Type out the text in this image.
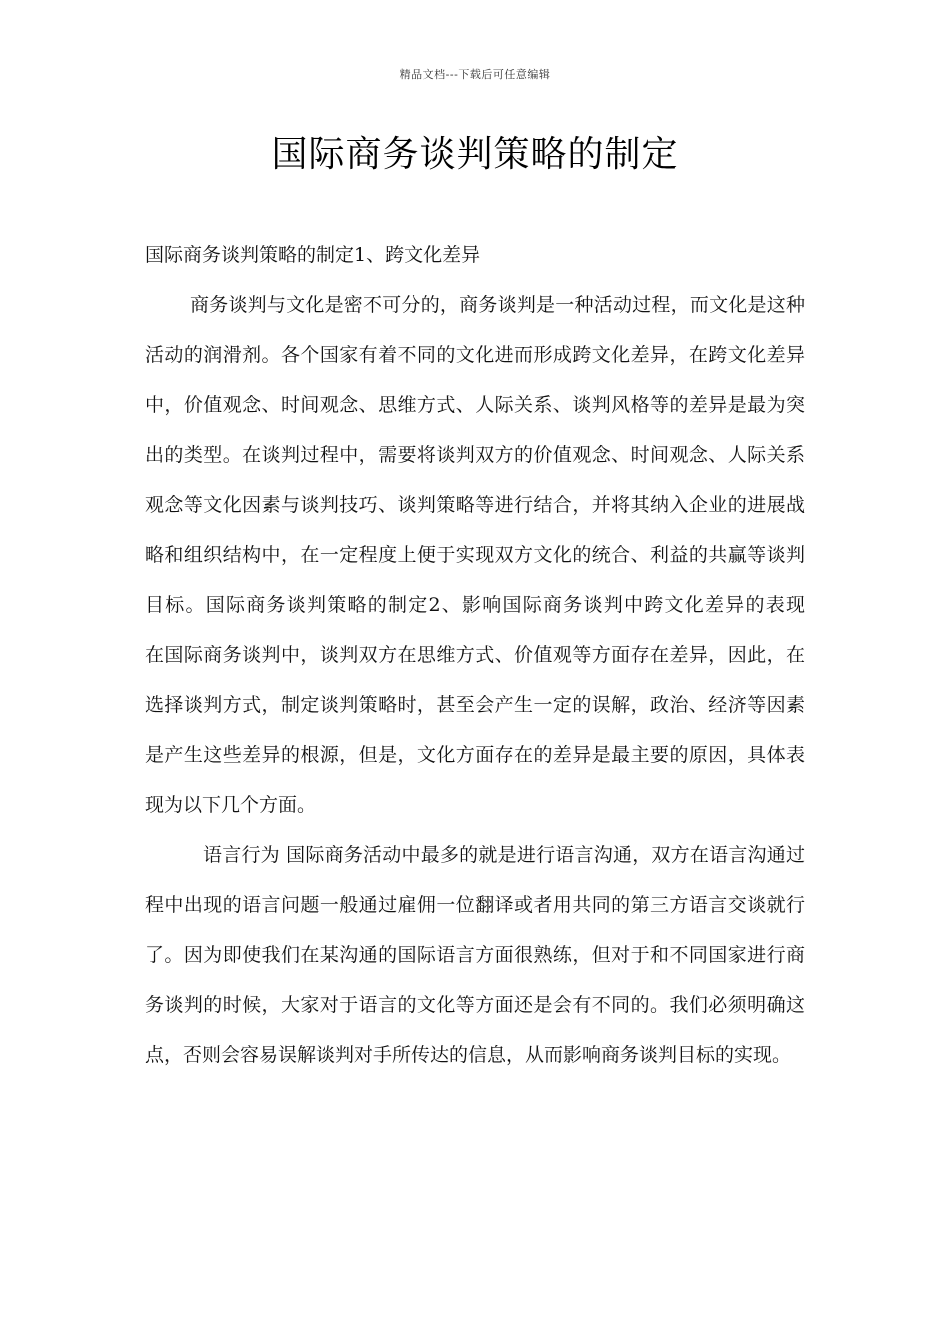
精品文档---下载后可任意编辑
国际商务谈判策略的制定

国际商务谈判策略的制定1、跨文化差异

商务谈判与文化是密不可分的，商务谈判是一种活动过程，而文化是这种活动的润滑剂。各个国家有着不同的文化进而形成跨文化差异，在跨文化差异中，价值观念、时间观念、思维方式、人际关系、谈判风格等的差异是最为突出的类型。在谈判过程中，需要将谈判双方的价值观念、时间观念、人际关系观念等文化因素与谈判技巧、谈判策略等进行结合，并将其纳入企业的进展战略和组织结构中，在一定程度上便于实现双方文化的统合、利益的共赢等谈判目标。国际商务谈判策略的制定2、影响国际商务谈判中跨文化差异的表现　　在国际商务谈判中，谈判双方在思维方式、价值观等方面存在差异，因此，在选择谈判方式，制定谈判策略时，甚至会产生一定的误解，政治、经济等因素是产生这些差异的根源，但是，文化方面存在的差异是最主要的原因，具体表现为以下几个方面。

语言行为 国际商务活动中最多的就是进行语言沟通，双方在语言沟通过程中出现的语言问题一般通过雇佣一位翻译或者用共同的第三方语言交谈就行了。因为即使我们在某沟通的国际语言方面很熟练，但对于和不同国家进行商务谈判的时候，大家对于语言的文化等方面还是会有不同的。我们必须明确这点，否则会容易误解谈判对手所传达的信息，从而影响商务谈判目标的实现。
